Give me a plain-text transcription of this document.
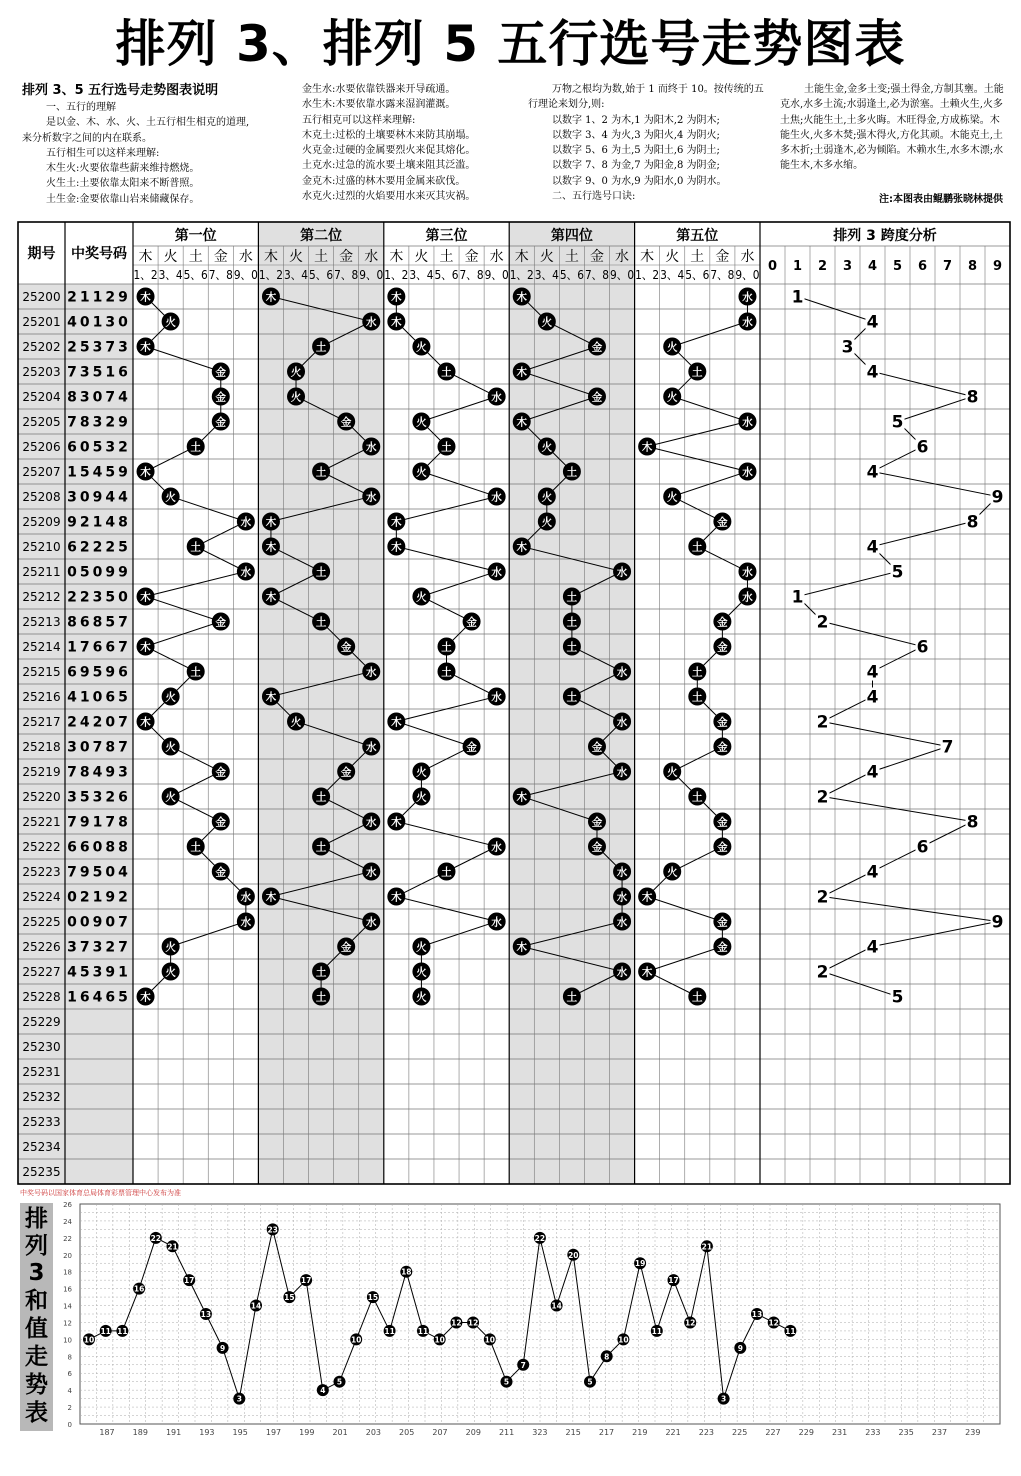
排列 3、排列 5 五行选号走势图表
排列 3、5 五行选号走势图表说明
一、五行的理解
是以金、木、水、火、土五行相生相克的道理,来分析数字之间的内在联系。
五行相生可以这样来理解:
木生火:火要依靠些薪来维持燃烧。
火生土:土要依靠太阳来不断普照。
土生金:金要依靠山岩来储藏保存。
金生水:水要依靠铁器来开导疏通。
水生木:木要依靠水露来湿润灌溉。
五行相克可以这样来理解:
木克土:过松的土壤要林木来防其崩塌。
火克金:过硬的金属要烈火来促其熔化。
土克水:过急的流水要土壤来阻其泛滥。
金克木:过盛的林木要用金属来砍伐。
水克火:过烈的火焰要用水来灭其灾祸。
万物之根均为数,始于 1 而终于 10。按传统的五行理论来划分,则:
以数字 1、2 为木,1 为阳木,2 为阴木;
以数字 3、4 为火,3 为阳火,4 为阴火;
以数字 5、6 为土,5 为阳土,6 为阴土;
以数字 7、8 为金,7 为阳金,8 为阴金;
以数字 9、0 为水,9 为阳水,0 为阴水。
二、五行选号口诀:
土能生金,金多土变;强土得金,方制其壅。土能克水,水多土流;水弱逢土,必为淤塞。土赖火生,火多土焦;火能生土,土多火晦。木旺得金,方成栋梁。木能生火,火多木焚;强木得火,方化其顽。木能克土,土多木折;土弱逢木,必为倾陷。木赖水生,水多木漂;水能生木,木多水缩。
注:本图表由鲲鹏张晓林提供
期号 中奖号码
第一位
木
1、2
火
3、4
土
5、6
金
7、8
水
9、0
第二位
木
1、2
火
3、4
土
5、6
金
7、8
水
9、0
第三位
木
1、2
火
3、4
土
5、6
金
7、8
水
9、0
第四位
木
1、2
火
3、4
土
5、6
金
7、8
水
9、0
第五位
木
1、2
火
3、4
土
5、6
金
7、8
水
9、0
排列 3 跨度分析
0 1 2 3 4 5 6 7 8 9
25200 21129
25201 40130
25202 25373
25203 73516
25204 83074
25205 78329
25206 60532
25207 15459
25208 30944
25209 92148
25210 62225
25211 05099
25212 22350
25213 86857
25214 17667
25215 69596
25216 41065
25217 24207
25218 30787
25219 78493
25220 35326
25221 79178
25222 66088
25223 79504
25224 02192
25225 00907
25226 37327
25227 45391
25228 16465
25229
25230
25231
25232
25233
25234
25235
木
火
木
金
金
金
土
木
火
水
土
水
木
金
木
土
火
木
火
金
火
金
土
金
水
水
火
火
木
木
水
土
火
火
金
水
土
水
木
木
土
木
土
金
水
木
火
水
金
土
水
土
水
木
水
金
土
土
木
木
火
土
水
火
土
火
水
木
木
水
火
金
土
土
水
木
金
火
火
木
水
土
木
水
火
火
火
木
火
金
木
金
木
火
土
火
火
木
水
土
土
土
水
土
水
金
水
木
金
金
水
水
水
木
水
土
水
水
火
土
火
水
木
水
火
金
土
水
水
金
金
土
土
金
金
火
土
金
金
火
木
金
金
木
土
1
4
3
4
8
5
6
4
9
8
4
5
1
2
6
4
4
2
7
4
2
8
6
4
2
9
4
2
5
中奖号码以国家体育总局体育彩票管理中心发布为准
排
列
3
和
值
走
势
表	0
2
4
6
8
10
12
14
16
18
20
22
24
26
187 189 191 193 195 197 199 201 203 205 207 209 211 323 215 217 219 221 223 225 227 229 231 233 235 237 239
10
11 11
16
22
21
17
13
9
3
14
23
15
17
4
5
10
15
11
18
11
10
12 12
10
5
7
22
14
20
5
8
10
19
11
17
12
21
3
9
13
12
11
